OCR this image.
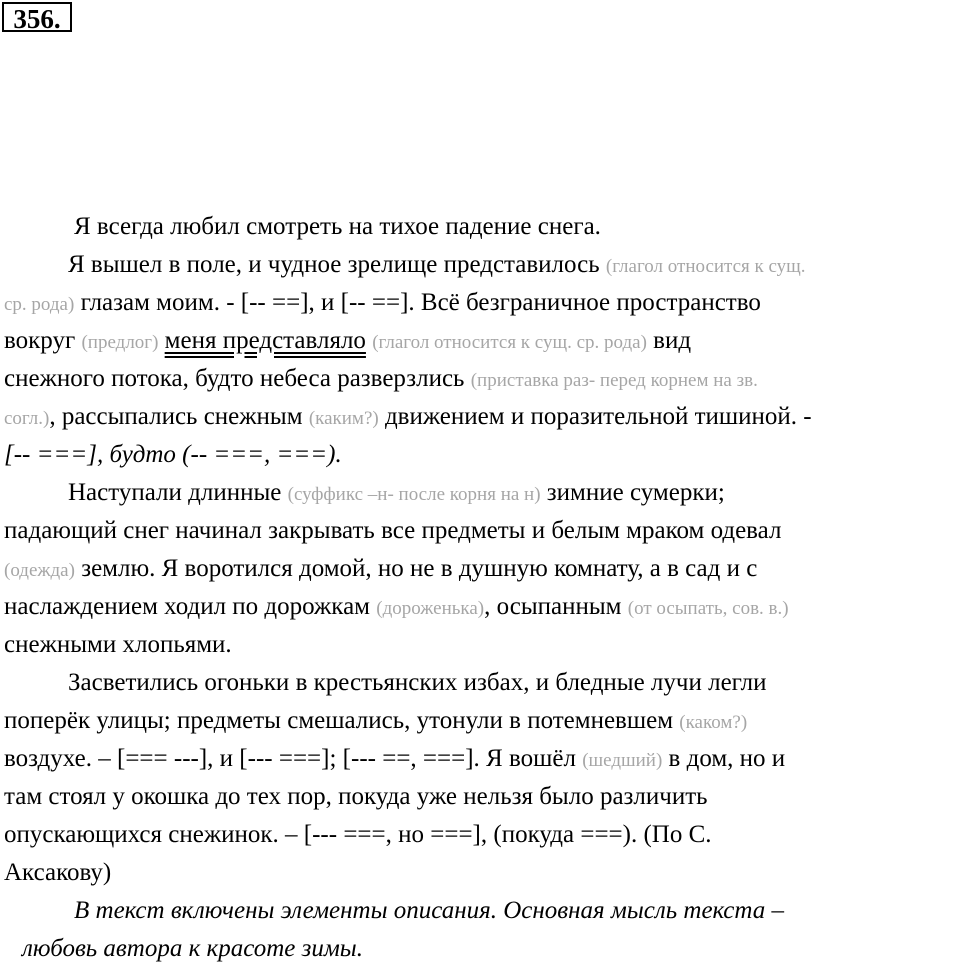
356.
Я всегда любил смотреть на тихое падение снега.
Я вышел в поле, и чудное зрелище представилось (глагол относится к сущ.
ср. рода) глазам моим. - [-- ==], и [-- ==]. Всё безграничное пространство
вокруг (предлог) меня представляло (глагол относится к сущ. ср. рода) вид
снежного потока, будто небеса разверзлись (приставка раз- перед корнем на зв.
согл.), рассыпались снежным (каким?) движением и поразительной тишиной. -
[-- ===], будто (-- ===, ===).
Наступали длинные (суффикс –н- после корня на н) зимние сумерки;
падающий снег начинал закрывать все предметы и белым мраком одевал
(одежда) землю. Я воротился домой, но не в душную комнату, а в сад и с
наслаждением ходил по дорожкам (дороженька), осыпанным (от осыпать, сов. в.)
снежными хлопьями.
Засветились огоньки в крестьянских избах, и бледные лучи легли
поперёк улицы; предметы смешались, утонули в потемневшем (каком?)
воздухе. – [=== ---], и [--- ===]; [--- ==, ===]. Я вошёл (шедший) в дом, но и
там стоял у окошка до тех пор, покуда уже нельзя было различить
опускающихся снежинок. – [--- ===, но ===], (покуда ===). (По С.
Аксакову)
В текст включены элементы описания. Основная мысль текста –
любовь автора к красоте зимы.
